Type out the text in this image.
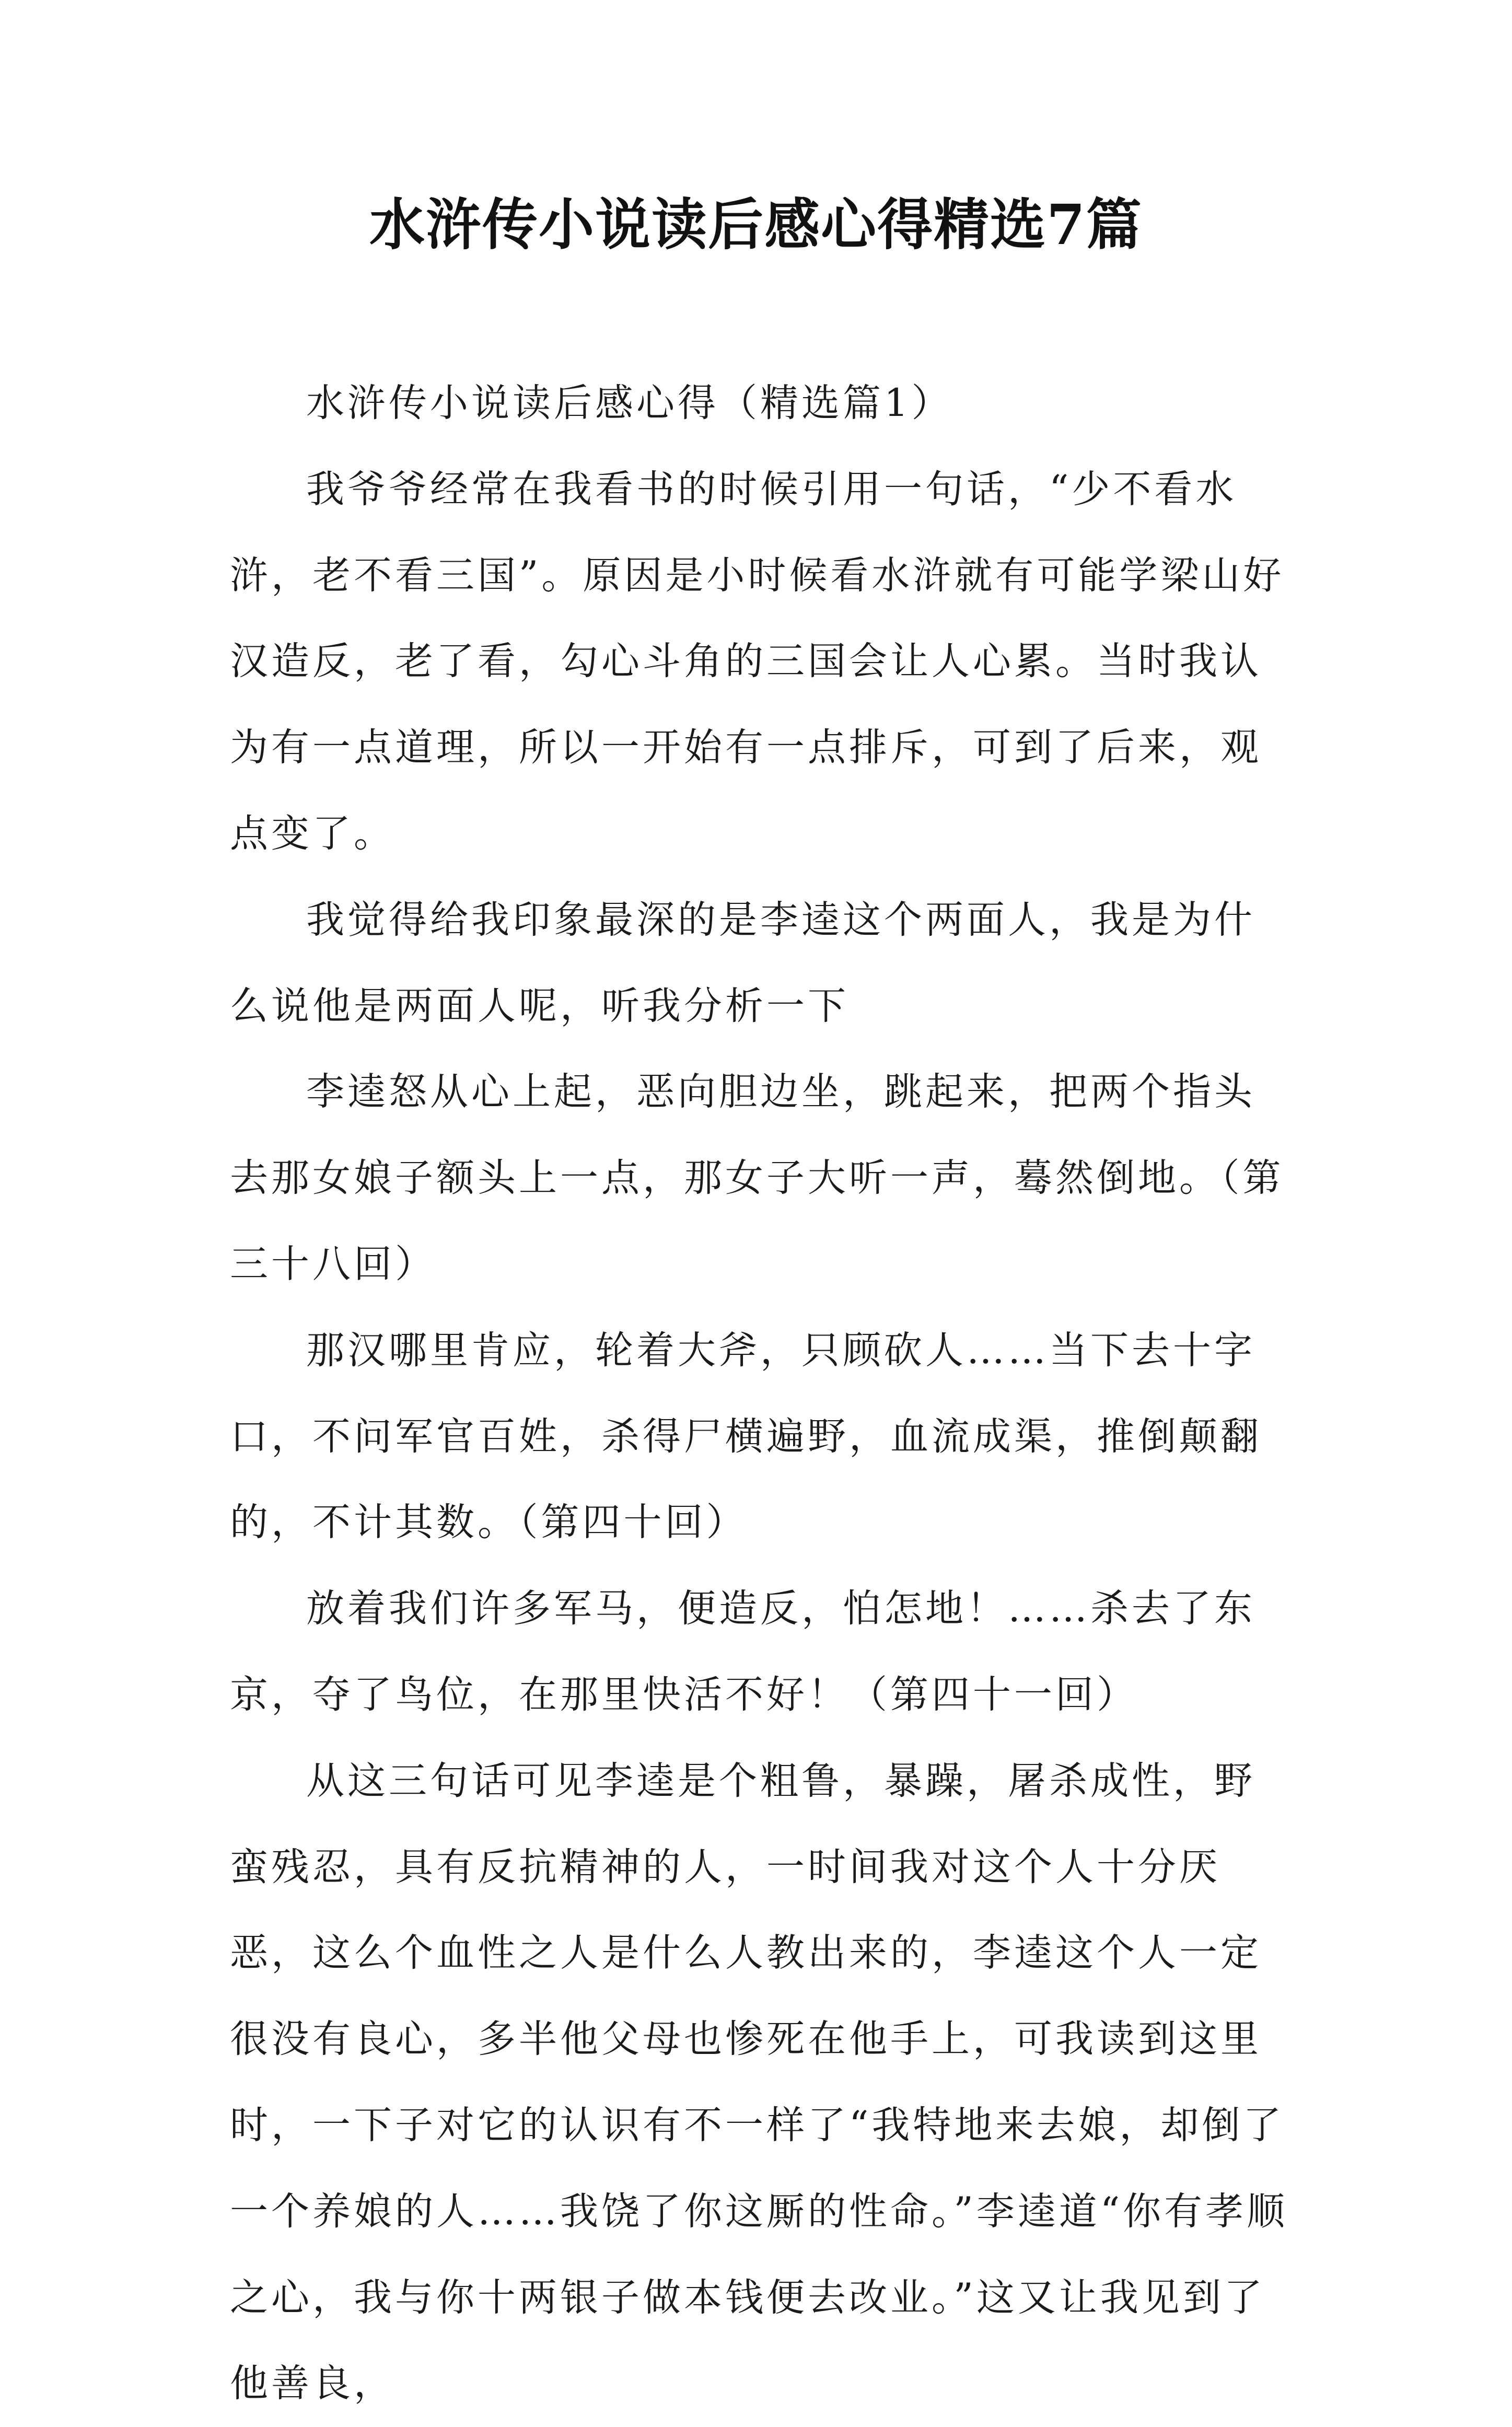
水浒传小说读后感心得精选7篇

水浒传小说读后感心得（精选篇1）

我爷爷经常在我看书的时候引用一句话，“少不看水浒，老不看三国”。原因是小时候看水浒就有可能学梁山好汉造反，老了看，勾心斗角的三国会让人心累。当时我认为有一点道理，所以一开始有一点排斥，可到了后来，观点变了。

我觉得给我印象最深的是李逵这个两面人，我是为什么说他是两面人呢，听我分析一下

李逵怒从心上起，恶向胆边坐，跳起来，把两个指头去那女娘子额头上一点，那女子大听一声，蓦然倒地。（第三十八回）

那汉哪里肯应，轮着大斧，只顾砍人……当下去十字口，不问军官百姓，杀得尸横遍野，血流成渠，推倒颠翻的，不计其数。（第四十回）

放着我们许多军马，便造反，怕怎地！……杀去了东京，夺了鸟位，在那里快活不好！（第四十一回）

从这三句话可见李逵是个粗鲁，暴躁，屠杀成性，野蛮残忍，具有反抗精神的人，一时间我对这个人十分厌恶，这么个血性之人是什么人教出来的，李逵这个人一定很没有良心，多半他父母也惨死在他手上，可我读到这里时，一下子对它的认识有不一样了“我特地来去娘，却倒了一个养娘的人……我饶了你这厮的性命。”李逵道“你有孝顺之心，我与你十两银子做本钱便去改业。”这又让我见到了他善良，
